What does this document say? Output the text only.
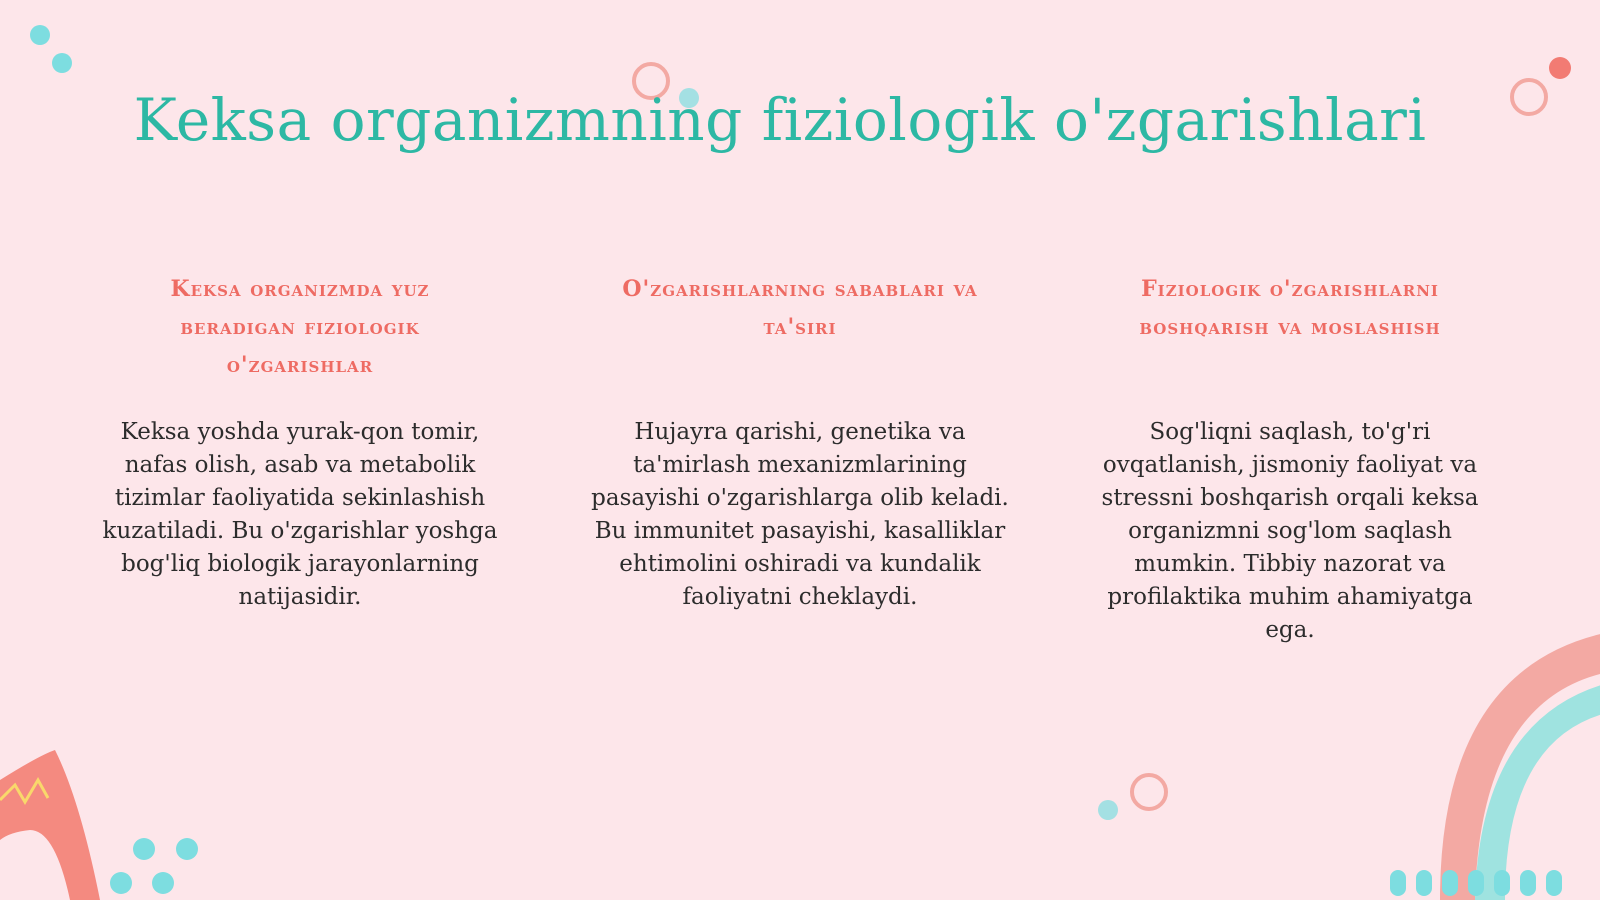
Keksa organizmning fiziologik o'zgarishlari
Keksa organizmda yuz beradigan fiziologik o'zgarishlar
Keksa yoshda yurak-qon tomir, nafas olish, asab va metabolik tizimlar faoliyatida sekinlashish kuzatiladi. Bu o'zgarishlar yoshga bog'liq biologik jarayonlarning natijasidir.
O'zgarishlarning sabablari va ta'siri
Hujayra qarishi, genetika va ta'mirlash mexanizmlarining pasayishi o'zgarishlarga olib keladi. Bu immunitet pasayishi, kasalliklar ehtimolini oshiradi va kundalik faoliyatni cheklaydi.
Fiziologik o'zgarishlarni boshqarish va moslashish
Sog'liqni saqlash, to'g'ri ovqatlanish, jismoniy faoliyat va stressni boshqarish orqali keksa organizmni sog'lom saqlash mumkin. Tibbiy nazorat va profilaktika muhim ahamiyatga ega.
